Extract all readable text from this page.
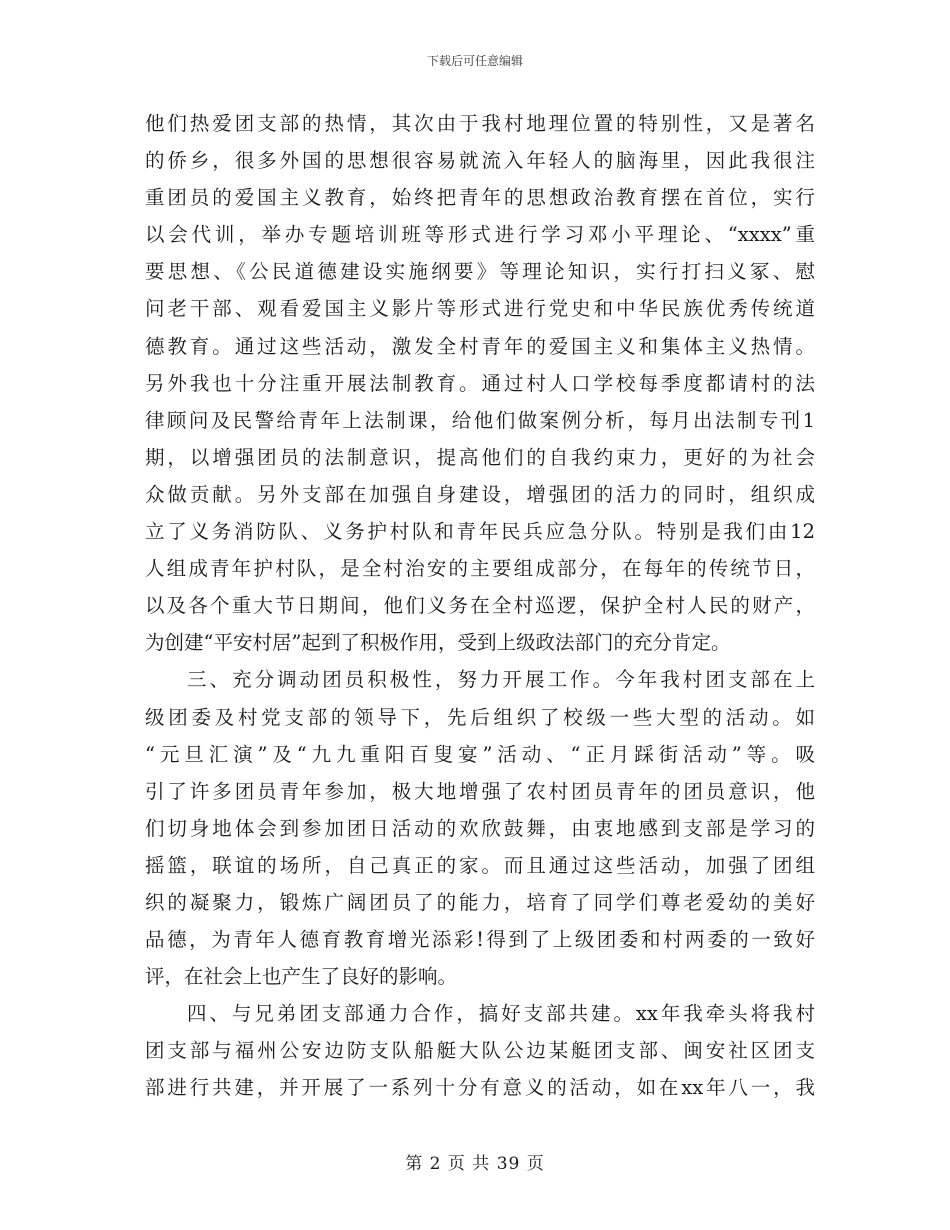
下载后可任意编辑
他们热爱团支部的热情，其次由于我村地理位置的特别性，又是著名
的侨乡，很多外国的思想很容易就流入年轻人的脑海里，因此我很注
重团员的爱国主义教育，始终把青年的思想政治教育摆在首位，实行
以会代训，举办专题培训班等形式进行学习邓小平理论、“xxxx”重
要思想、《公民道德建设实施纲要》等理论知识，实行打扫义冢、慰
问老干部、观看爱国主义影片等形式进行党史和中华民族优秀传统道
德教育。通过这些活动，激发全村青年的爱国主义和集体主义热情。
另外我也十分注重开展法制教育。通过村人口学校每季度都请村的法
律顾问及民警给青年上法制课，给他们做案例分析，每月出法制专刊1
期，以增强团员的法制意识，提高他们的自我约束力，更好的为社会
众做贡献。另外支部在加强自身建设，增强团的活力的同时，组织成
立了义务消防队、义务护村队和青年民兵应急分队。特别是我们由12
人组成青年护村队，是全村治安的主要组成部分，在每年的传统节日，
以及各个重大节日期间，他们义务在全村巡逻，保护全村人民的财产，
为创建“平安村居”起到了积极作用，受到上级政法部门的充分肯定。
三、充分调动团员积极性，努力开展工作。今年我村团支部在上
级团委及村党支部的领导下，先后组织了校级一些大型的活动。如
“元旦汇演”及“九九重阳百叟宴”活动、“正月踩街活动”等。吸
引了许多团员青年参加，极大地增强了农村团员青年的团员意识，他
们切身地体会到参加团日活动的欢欣鼓舞，由衷地感到支部是学习的
摇篮，联谊的场所，自己真正的家。而且通过这些活动，加强了团组
织的凝聚力，锻炼广阔团员了的能力，培育了同学们尊老爱幼的美好
品德，为青年人德育教育增光添彩!得到了上级团委和村两委的一致好
评，在社会上也产生了良好的影响。
四、与兄弟团支部通力合作，搞好支部共建。xx年我牵头将我村
团支部与福州公安边防支队船艇大队公边某艇团支部、闽安社区团支
部进行共建，并开展了一系列十分有意义的活动，如在xx年八一，我
第 2 页 共 39 页
